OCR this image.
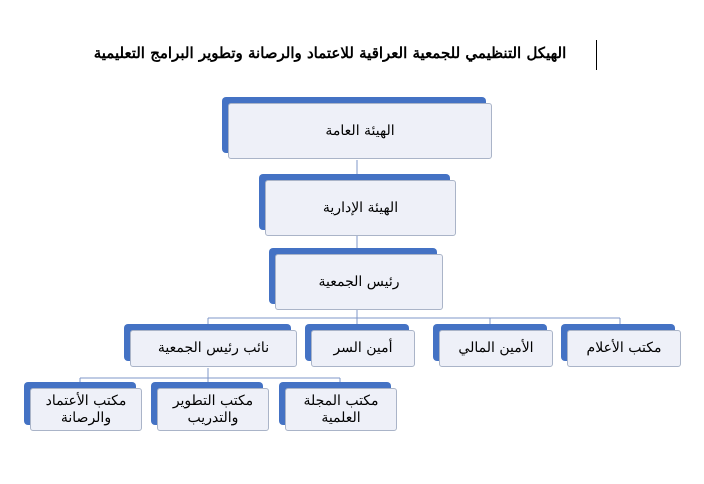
الهيكل التنظيمي للجمعية العراقية للاعتماد والرصانة وتطوير البرامج التعليمية
الهيئة العامة
الهيئة الإدارية
رئيس الجمعية
نائب رئيس الجمعية	أمين السر	الأمين المالي	مكتب الأعلام
مكتب الأعتماد والرصانة
مكتب التطوير والتدريب
مكتب المجلة العلمية
